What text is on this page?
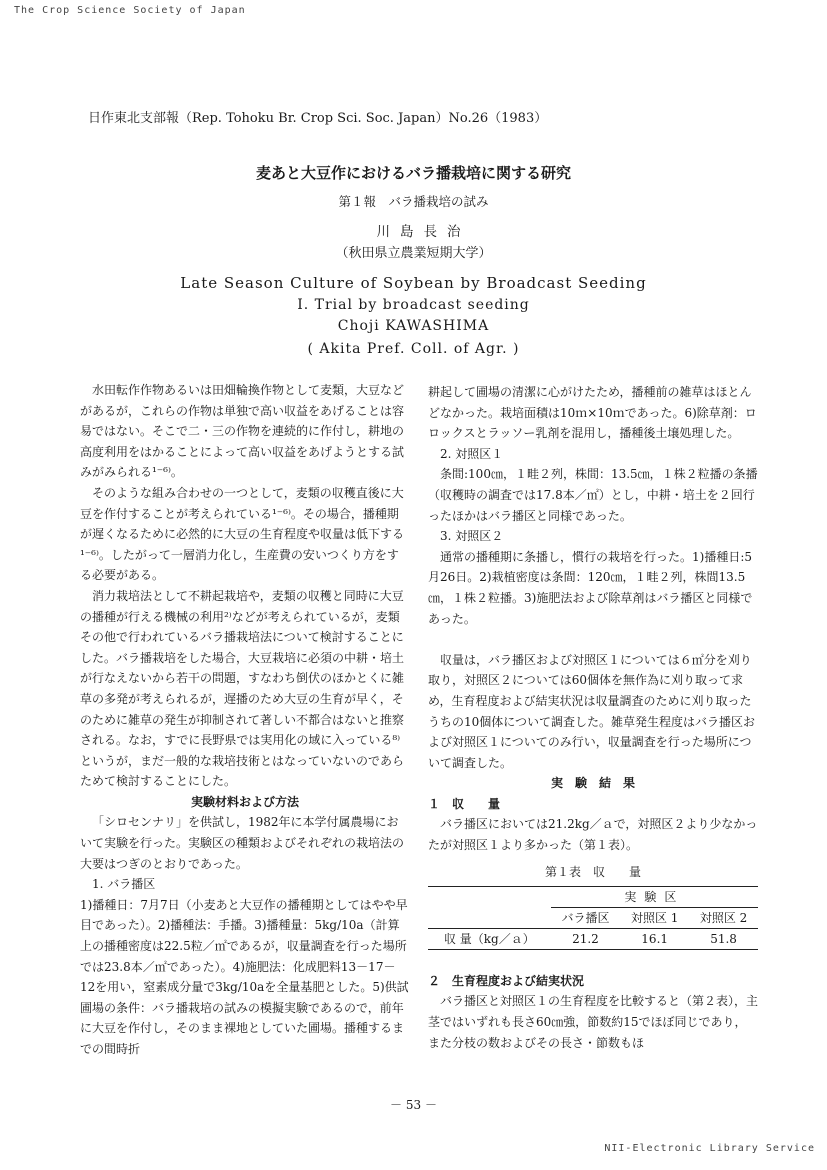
The Crop Science Society of Japan
日作東北支部報（Rep. Tohoku Br. Crop Sci. Soc. Japan）No.26（1983）
麦あと大豆作におけるバラ播栽培に関する研究
第１報　バラ播栽培の試み
川島長治
（秋田県立農業短期大学）
Late Season Culture of Soybean by Broadcast Seeding
I. Trial by broadcast seeding
Choji KAWASHIMA
( Akita Pref. Coll. of Agr. )

水田転作作物あるいは田畑輪換作物として麦類，大豆などがあるが，これらの作物は単独で高い収益をあげることは容易ではない。そこで二・三の作物を連続的に作付し，耕地の高度利用をはかることによって高い収益をあげようとする試みがみられる¹⁻⁶⁾。

そのような組み合わせの一つとして，麦類の収穫直後に大豆を作付することが考えられている¹⁻⁶⁾。その場合，播種期が遅くなるために必然的に大豆の生育程度や収量は低下する¹⁻⁶⁾。したがって一層消力化し，生産費の安いつくり方をする必要がある。

消力栽培法として不耕起栽培や，麦類の収穫と同時に大豆の播種が行える機械の利用²⁾などが考えられているが，麦類その他で行われているバラ播栽培法について検討することにした。バラ播栽培をした場合，大豆栽培に必須の中耕・培土が行なえないから若干の問題，すなわち倒伏のほかとくに雑草の多発が考えられるが，遅播のため大豆の生育が早く，そのために雑草の発生が抑制されて著しい不都合はないと推察される。なお，すでに長野県では実用化の域に入っている⁸⁾というが，まだ一般的な栽培技術とはなっていないのであらためて検討することにした。

実験材料および方法

「シロセンナリ」を供試し，1982年に本学付属農場において実験を行った。実験区の種類およびそれぞれの栽培法の大要はつぎのとおりであった。

1. バラ播区

1)播種日：7月7日（小麦あと大豆作の播種期としてはやや早目であった）。2)播種法：手播。3)播種量：5kg/10a（計算上の播種密度は22.5粒／㎡であるが，収量調査を行った場所では23.8本／㎡であった）。4)施肥法：化成肥料13－17－12を用い，窒素成分量で3kg/10aを全量基肥とした。5)供試圃場の条件：バラ播栽培の試みの模擬実験であるので，前年に大豆を作付し，そのまま裸地としていた圃場。播種するまでの間時折

耕起して圃場の清潔に心がけたため，播種前の雑草はほとんどなかった。栽培面積は10ｍ×10ｍであった。6)除草剤：ロロックスとラッソー乳剤を混用し，播種後土壌処理した。

2. 対照区１

条間:100㎝，１畦２列，株間：13.5㎝，１株２粒播の条播（収穫時の調査では17.8本／㎡）とし，中耕・培土を２回行ったほかはバラ播区と同様であった。

3. 対照区２

通常の播種期に条播し，慣行の栽培を行った。1)播種日:5月26日。2)栽植密度は条間：120㎝，１畦２列，株間13.5㎝，１株２粒播。3)施肥法および除草剤はバラ播区と同様であった。

収量は，バラ播区および対照区１については６㎡分を刈り取り，対照区２については60個体を無作為に刈り取って求め，生育程度および結実状況は収量調査のために刈り取ったうちの10個体について調査した。雑草発生程度はバラ播区および対照区１についてのみ行い，収量調査を行った場所について調査した。

実　験　結　果

１　収　　量

バラ播区においては21.2kg／ａで，対照区２より少なかったが対照区１より多かった（第１表）。

第１表　収　　量
	実験区		
	バラ播区	対照区 1	対照区 2
収 量（kg／ａ）	21.2	16.1	51.8

２　生育程度および結実状況

バラ播区と対照区１の生育程度を比較すると（第２表），主茎ではいずれも長さ60㎝強，節数約15でほぼ同じであり，また分枝の数およびその長さ・節数もほ

－ 53 －
NII-Electronic Library Service
